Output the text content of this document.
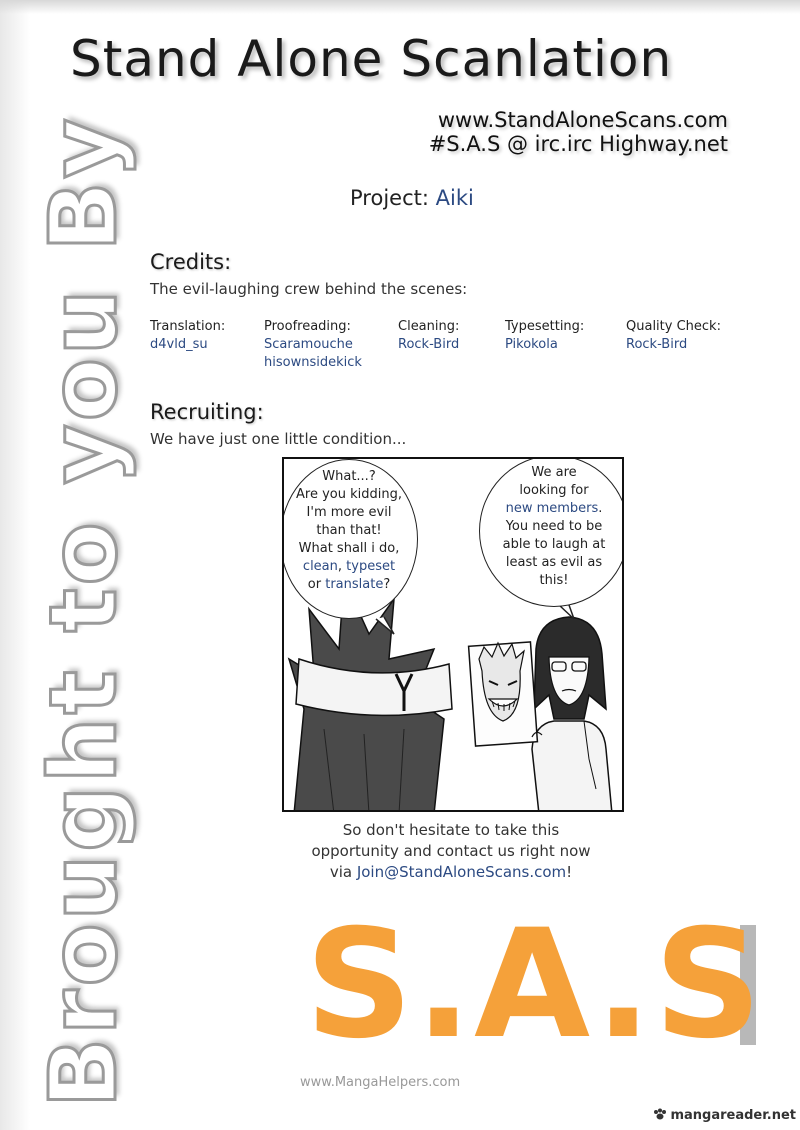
Stand Alone Scanlation
www.StandAloneScans.com
#S.A.S @ irc.irc Highway.net
Brought to you By	Project: Aiki
Credits:
The evil-laughing crew behind the scenes:
Translation:
d4vld_su
Proofreading:
Scaramouche
hisownsidekick
Cleaning:
Rock-Bird
Typesetting:
Pikokola
Quality Check:
Rock-Bird
Recruiting:
We have just one little condition...
What...?
Are you kidding,
I'm more evil
than that!
What shall i do,
clean, typeset
or translate?
We are
looking for
new members.
You need to be
able to laugh at
least as evil as
this!
So don't hesitate to take this
opportunity and contact us right now
via Join@StandAloneScans.com!
S.A.S
www.MangaHelpers.com
mangareader.net
